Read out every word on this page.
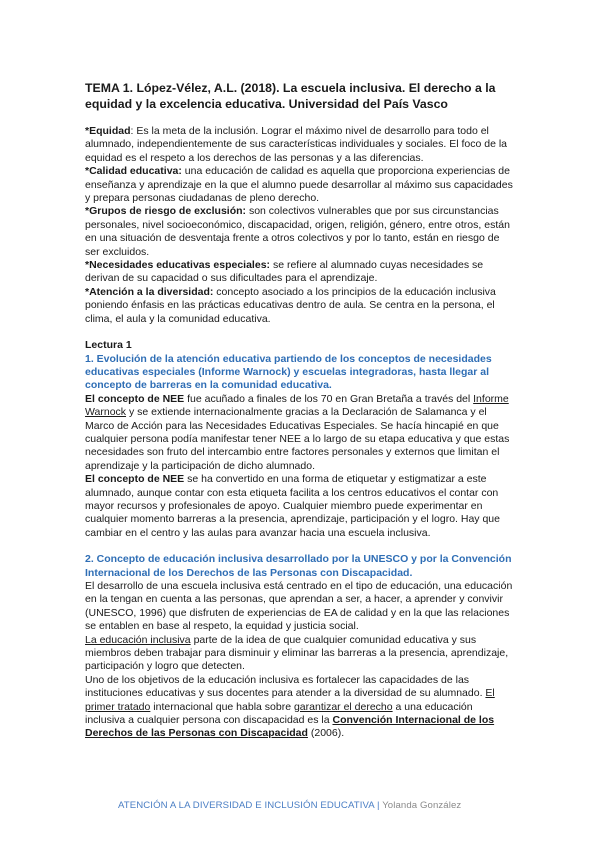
TEMA 1. López-Vélez, A.L. (2018). La escuela inclusiva. El derecho a la equidad y la excelencia educativa. Universidad del País Vasco

*Equidad: Es la meta de la inclusión. Lograr el máximo nivel de desarrollo para todo el alumnado, independientemente de sus características individuales y sociales. El foco de la equidad es el respeto a los derechos de las personas y a las diferencias.

*Calidad educativa: una educación de calidad es aquella que proporciona experiencias de enseñanza y aprendizaje en la que el alumno puede desarrollar al máximo sus capacidades y prepara personas ciudadanas de pleno derecho.

*Grupos de riesgo de exclusión: son colectivos vulnerables que por sus circunstancias personales, nivel socioeconómico, discapacidad, origen, religión, género, entre otros, están en una situación de desventaja frente a otros colectivos y por lo tanto, están en riesgo de ser excluidos.

*Necesidades educativas especiales: se refiere al alumnado cuyas necesidades se derivan de su capacidad o sus dificultades para el aprendizaje.

*Atención a la diversidad: concepto asociado a los principios de la educación inclusiva poniendo énfasis en las prácticas educativas dentro de aula. Se centra en la persona, el clima, el aula y la comunidad educativa.

Lectura 1

1. Evolución de la atención educativa partiendo de los conceptos de necesidades educativas especiales (Informe Warnock) y escuelas integradoras, hasta llegar al concepto de barreras en la comunidad educativa.

El concepto de NEE fue acuñado a finales de los 70 en Gran Bretaña a través del Informe Warnock y se extiende internacionalmente gracias a la Declaración de Salamanca y el Marco de Acción para las Necesidades Educativas Especiales. Se hacía hincapié en que cualquier persona podía manifestar tener NEE a lo largo de su etapa educativa y que estas necesidades son fruto del intercambio entre factores personales y externos que limitan el aprendizaje y la participación de dicho alumnado.

El concepto de NEE se ha convertido en una forma de etiquetar y estigmatizar a este alumnado, aunque contar con esta etiqueta facilita a los centros educativos el contar con mayor recursos y profesionales de apoyo. Cualquier miembro puede experimentar en cualquier momento barreras a la presencia, aprendizaje, participación y el logro. Hay que cambiar en el centro y las aulas para avanzar hacia una escuela inclusiva.

2. Concepto de educación inclusiva desarrollado por la UNESCO y por la Convención Internacional de los Derechos de las Personas con Discapacidad.

El desarrollo de una escuela inclusiva está centrado en el tipo de educación, una educación en la tengan en cuenta a las personas, que aprendan a ser, a hacer, a aprender y convivir (UNESCO, 1996) que disfruten de experiencias de EA de calidad y en la que las relaciones se entablen en base al respeto, la equidad y justicia social.

La educación inclusiva parte de la idea de que cualquier comunidad educativa y sus miembros deben trabajar para disminuir y eliminar las barreras a la presencia, aprendizaje, participación y logro que detecten.

Uno de los objetivos de la educación inclusiva es fortalecer las capacidades de las instituciones educativas y sus docentes para atender a la diversidad de su alumnado. El primer tratado internacional que habla sobre garantizar el derecho a una educación inclusiva a cualquier persona con discapacidad es la Convención Internacional de los Derechos de las Personas con Discapacidad (2006).

ATENCIÓN A LA DIVERSIDAD E INCLUSIÓN EDUCATIVA | Yolanda González
